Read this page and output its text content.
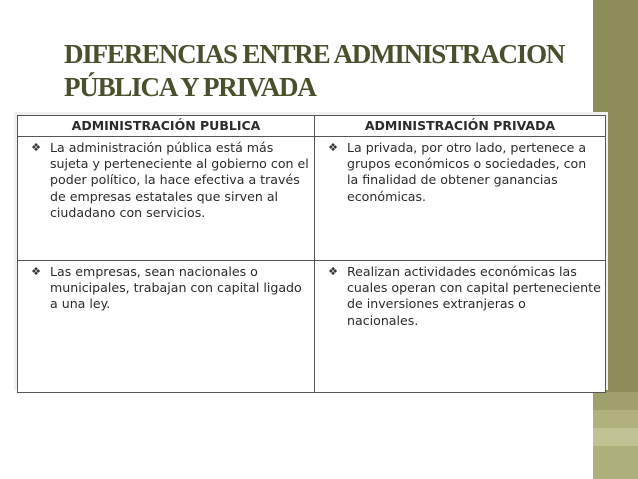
DIFERENCIAS ENTRE ADMINISTRACION
PÚBLICA Y PRIVADA
ADMINISTRACIÓN PUBLICA	ADMINISTRACIÓN PRIVADA

❖ La administración pública está más sujeta y perteneciente al gobierno con el poder político, la hace efectiva a través de empresas estatales que sirven al ciudadano con servicios.	❖ La privada, por otro lado, pertenece a grupos económicos o sociedades, con la finalidad de obtener ganancias económicas.

❖ Las empresas, sean nacionales o municipales, trabajan con capital ligado a una ley.	❖ Realizan actividades económicas las cuales operan con capital perteneciente de inversiones extranjeras o nacionales.
